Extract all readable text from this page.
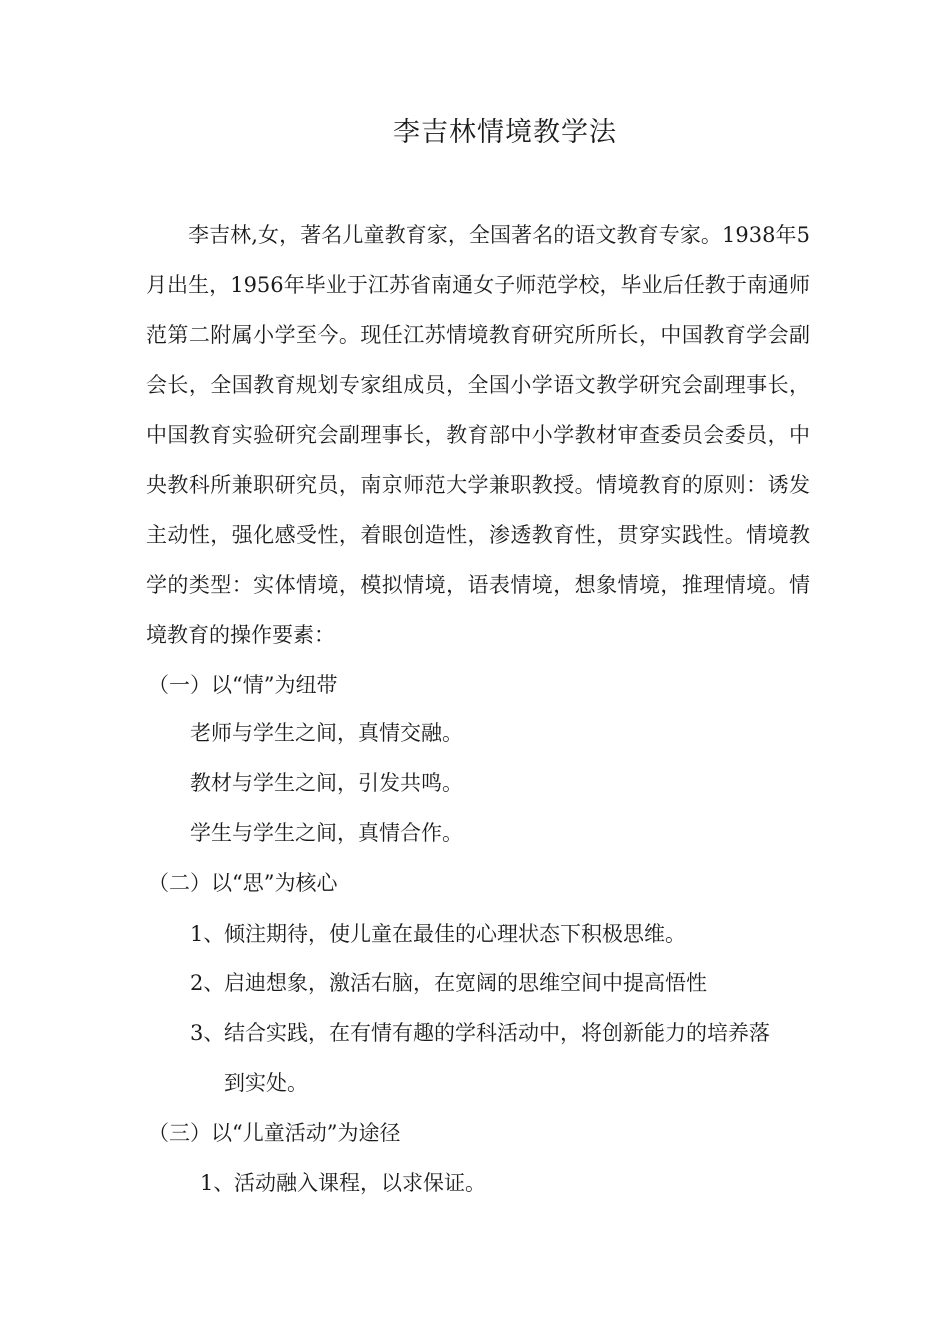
李吉林情境教学法

李吉林,女，著名儿童教育家，全国著名的语文教育专家。1938年5 月出生，1956年毕业于江苏省南通女子师范学校，毕业后任教于南通师范第二附属小学至今。现任江苏情境教育研究所所长，中国教育学会副会长，全国教育规划专家组成员，全国小学语文教学研究会副理事长，中国教育实验研究会副理事长，教育部中小学教材审查委员会委员，中央教科所兼职研究员，南京师范大学兼职教授。情境教育的原则：诱发主动性，强化感受性，着眼创造性，渗透教育性，贯穿实践性。情境教学的类型：实体情境，模拟情境，语表情境，想象情境，推理情境。情境教育的操作要素：

（一）以“情”为纽带

老师与学生之间，真情交融。

教材与学生之间，引发共鸣。

学生与学生之间，真情合作。

（二）以“思”为核心

1、倾注期待，使儿童在最佳的心理状态下积极思维。

2、启迪想象，激活右脑，在宽阔的思维空间中提高悟性

3、结合实践，在有情有趣的学科活动中，将创新能力的培养落
到实处。

（三）以“儿童活动”为途径

1、活动融入课程，以求保证。
